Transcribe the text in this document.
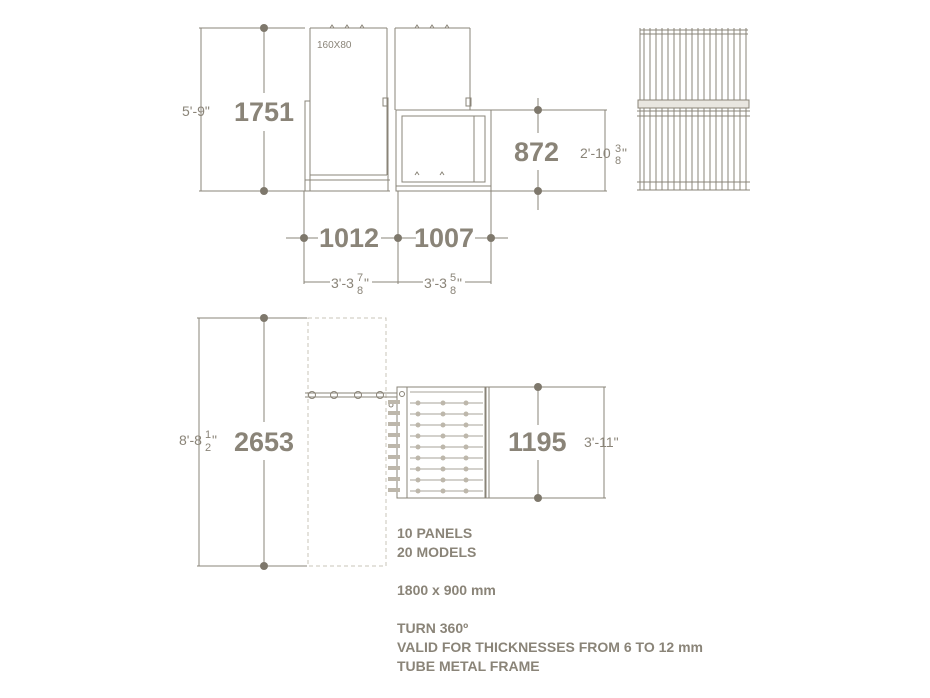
5'-9" 1751
160X80
872 2'-10 3
8 "
1012 1007
3'-3 7
8 "	3'-3 5
8 "
8'-8 1
2 " 2653	1195 3'-11"
10 PANELS
20 MODELS
1800 x 900 mm
TURN 360º
VALID FOR THICKNESSES FROM 6 TO 12 mm
TUBE METAL FRAME
